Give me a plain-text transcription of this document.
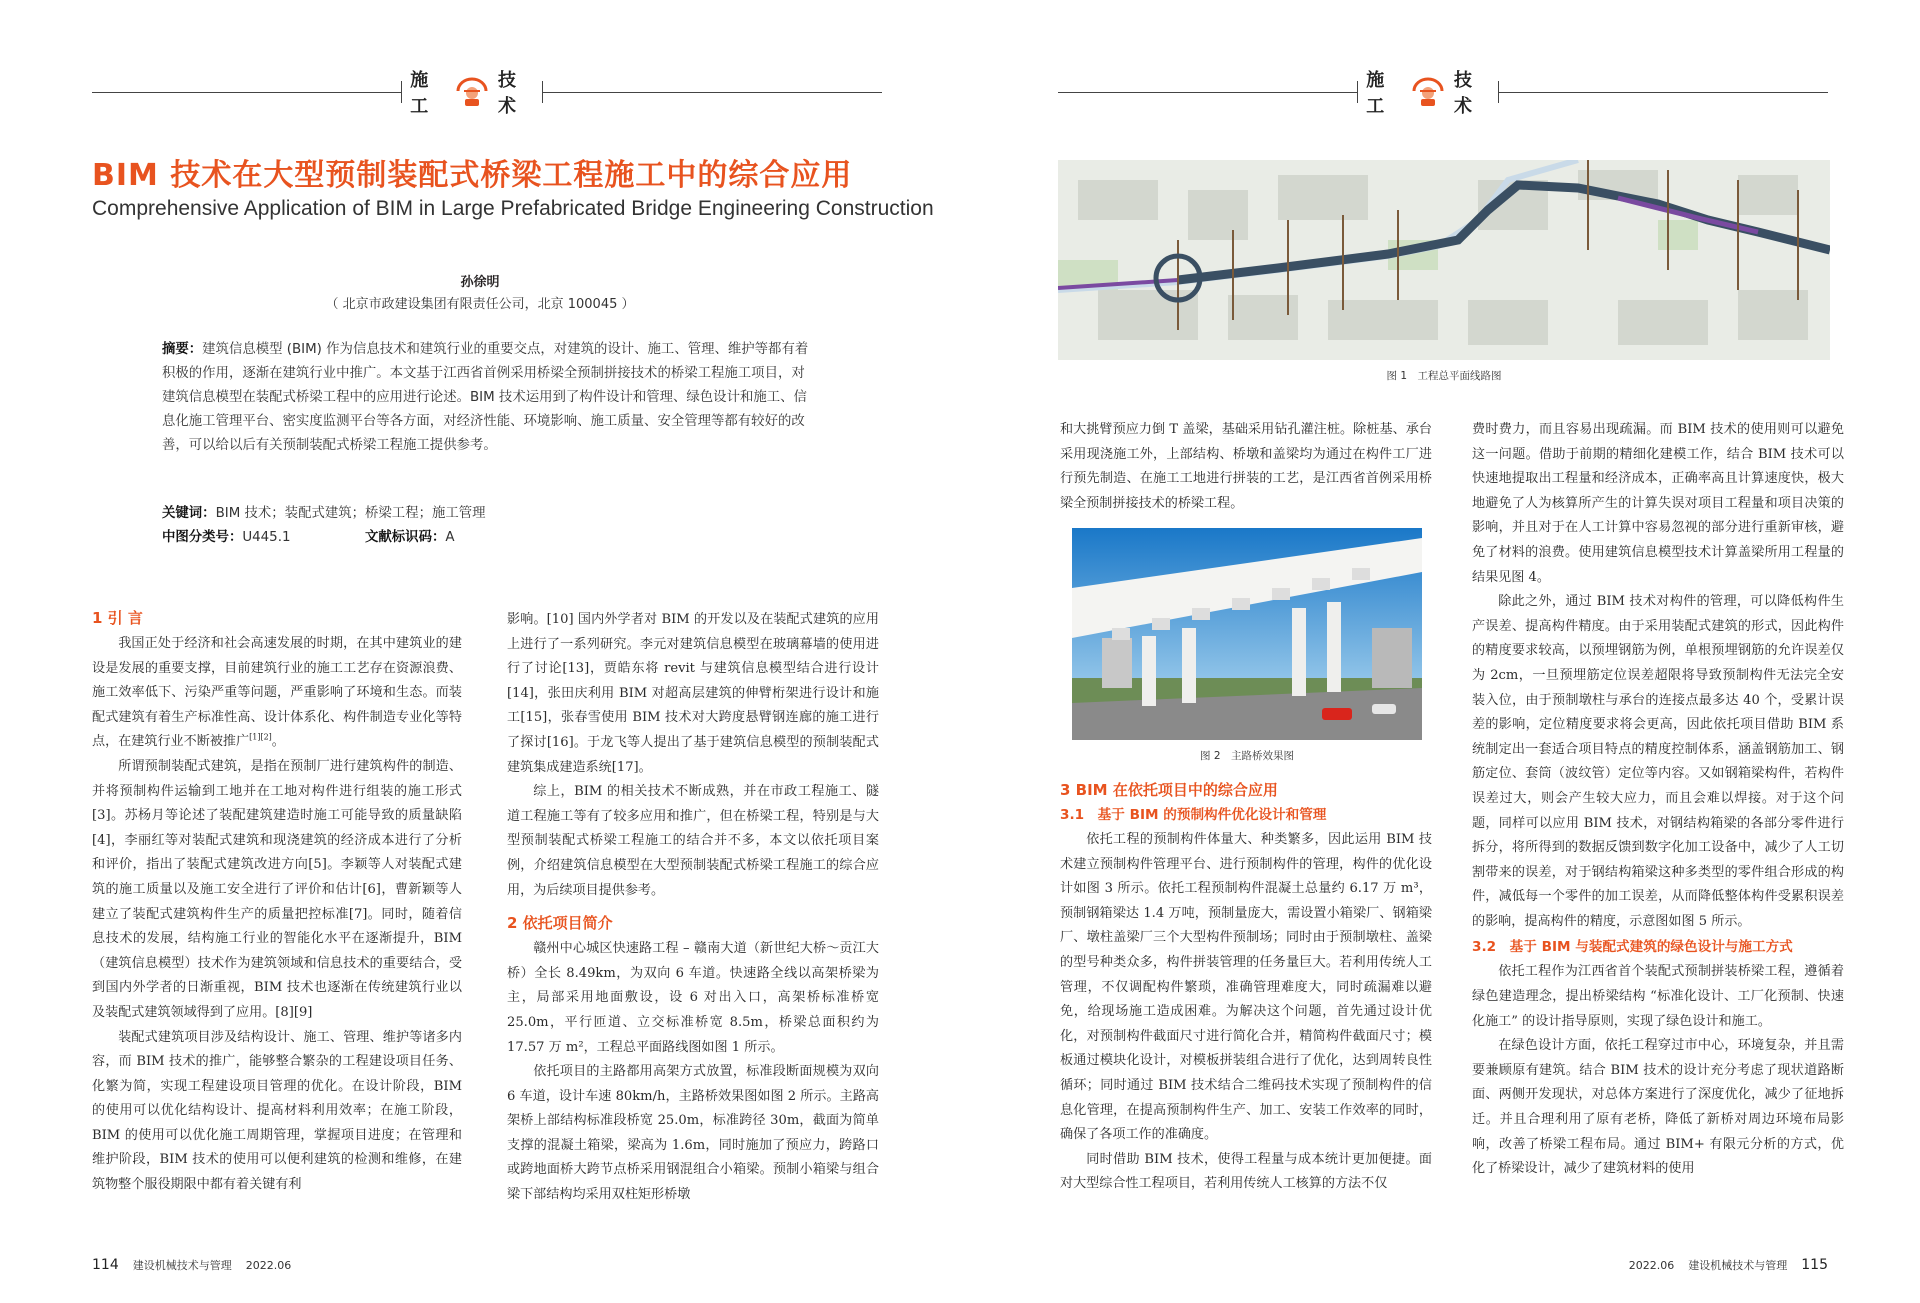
施工
技术
BIM 技术在大型预制装配式桥梁工程施工中的综合应用
Comprehensive Application of BIM in Large Prefabricated Bridge Engineering Construction
孙徐明
（ 北京市政建设集团有限责任公司，北京 100045 ）
摘要：建筑信息模型 (BIM) 作为信息技术和建筑行业的重要交点，对建筑的设计、施工、管理、维护等都有着积极的作用，逐渐在建筑行业中推广。本文基于江西省首例采用桥梁全预制拼接技术的桥梁工程施工项目，对建筑信息模型在装配式桥梁工程中的应用进行论述。BIM 技术运用到了构件设计和管理、绿色设计和施工、信息化施工管理平台、密实度监测平台等各方面，对经济性能、环境影响、施工质量、安全管理等都有较好的改善，可以给以后有关预制装配式桥梁工程施工提供参考。
关键词：BIM 技术；装配式建筑；桥梁工程；施工管理
中图分类号：U445.1	文献标识码：A

1 引 言

我国正处于经济和社会高速发展的时期，在其中建筑业的建设是发展的重要支撑，目前建筑行业的施工工艺存在资源浪费、施工效率低下、污染严重等问题，严重影响了环境和生态。而装配式建筑有着生产标准性高、设计体系化、构件制造专业化等特点，在建筑行业不断被推广[1][2]。

所谓预制装配式建筑，是指在预制厂进行建筑构件的制造、并将预制构件运输到工地并在工地对构件进行组装的施工形式[3]。苏杨月等论述了装配建筑建造时施工可能导致的质量缺陷[4]，李丽红等对装配式建筑和现浇建筑的经济成本进行了分析和评价，指出了装配式建筑改进方向[5]。李颖等人对装配式建筑的施工质量以及施工安全进行了评价和估计[6]，曹新颖等人建立了装配式建筑构件生产的质量把控标准[7]。同时，随着信息技术的发展，结构施工行业的智能化水平在逐渐提升，BIM（建筑信息模型）技术作为建筑领域和信息技术的重要结合，受到国内外学者的日渐重视，BIM 技术也逐渐在传统建筑行业以及装配式建筑领域得到了应用。[8][9]

装配式建筑项目涉及结构设计、施工、管理、维护等诸多内容，而 BIM 技术的推广，能够整合繁杂的工程建设项目任务、化繁为简，实现工程建设项目管理的优化。在设计阶段，BIM 的使用可以优化结构设计、提高材料利用效率；在施工阶段，BIM 的使用可以优化施工周期管理，掌握项目进度；在管理和维护阶段，BIM 技术的使用可以便利建筑的检测和维修，在建筑物整个服役期限中都有着关键有利

影响。[10] 国内外学者对 BIM 的开发以及在装配式建筑的应用上进行了一系列研究。李元对建筑信息模型在玻璃幕墙的使用进行了讨论[13]，贾皓东将 revit 与建筑信息模型结合进行设计[14]，张田庆利用 BIM 对超高层建筑的伸臂桁架进行设计和施工[15]，张春雪使用 BIM 技术对大跨度悬臂钢连廊的施工进行了探讨[16]。于龙飞等人提出了基于建筑信息模型的预制装配式建筑集成建造系统[17]。

综上，BIM 的相关技术不断成熟，并在市政工程施工、隧道工程施工等有了较多应用和推广，但在桥梁工程，特别是与大型预制装配式桥梁工程施工的结合并不多，本文以依托项目案例，介绍建筑信息模型在大型预制装配式桥梁工程施工的综合应用，为后续项目提供参考。

2 依托项目简介

赣州中心城区快速路工程 – 赣南大道（新世纪大桥～贡江大桥）全长 8.49km，为双向 6 车道。快速路全线以高架桥梁为主，局部采用地面敷设，设 6 对出入口，高架桥标准桥宽 25.0m，平行匝道、立交标准桥宽 8.5m，桥梁总面积约为 17.57 万 m²，工程总平面路线图如图 1 所示。

依托项目的主路都用高架方式放置，标准段断面规模为双向 6 车道，设计车速 80km/h，主路桥效果图如图 2 所示。主路高架桥上部结构标准段桥宽 25.0m，标准跨径 30m，截面为简单支撑的混凝土箱梁，梁高为 1.6m，同时施加了预应力，跨路口或跨地面桥大跨节点桥采用钢混组合小箱梁。预制小箱梁与组合梁下部结构均采用双柱矩形桥墩

114 建设机械技术与管理 2022.06
施工
技术
图 1　工程总平面线路图

和大挑臂预应力倒 T 盖梁，基础采用钻孔灌注桩。除桩基、承台采用现浇施工外，上部结构、桥墩和盖梁均为通过在构件工厂进行预先制造、在施工工地进行拼装的工艺，是江西省首例采用桥梁全预制拼接技术的桥梁工程。

图 2　主路桥效果图

3 BIM 在依托项目中的综合应用

3.1　基于 BIM 的预制构件优化设计和管理

依托工程的预制构件体量大、种类繁多，因此运用 BIM 技术建立预制构件管理平台、进行预制构件的管理，构件的优化设计如图 3 所示。依托工程预制构件混凝土总量约 6.17 万 m³，预制钢箱梁达 1.4 万吨，预制量庞大，需设置小箱梁厂、钢箱梁厂、墩柱盖梁厂三个大型构件预制场；同时由于预制墩柱、盖梁的型号种类众多，构件拼装管理的任务量巨大。若利用传统人工管理，不仅调配构件繁琐，准确管理难度大，同时疏漏难以避免，给现场施工造成困难。为解决这个问题，首先通过设计优化，对预制构件截面尺寸进行简化合并，精简构件截面尺寸；模板通过模块化设计，对模板拼装组合进行了优化，达到周转良性循环；同时通过 BIM 技术结合二维码技术实现了预制构件的信息化管理，在提高预制构件生产、加工、安装工作效率的同时，确保了各项工作的准确度。

同时借助 BIM 技术，使得工程量与成本统计更加便捷。面对大型综合性工程项目，若利用传统人工核算的方法不仅

费时费力，而且容易出现疏漏。而 BIM 技术的使用则可以避免这一问题。借助于前期的精细化建模工作，结合 BIM 技术可以快速地提取出工程量和经济成本，正确率高且计算速度快，极大地避免了人为核算所产生的计算失误对项目工程量和项目决策的影响，并且对于在人工计算中容易忽视的部分进行重新审核，避免了材料的浪费。使用建筑信息模型技术计算盖梁所用工程量的结果见图 4。

除此之外，通过 BIM 技术对构件的管理，可以降低构件生产误差、提高构件精度。由于采用装配式建筑的形式，因此构件的精度要求较高，以预埋钢筋为例，单根预埋钢筋的允许误差仅为 2cm，一旦预埋筋定位误差超限将导致预制构件无法完全安装入位，由于预制墩柱与承台的连接点最多达 40 个，受累计误差的影响，定位精度要求将会更高，因此依托项目借助 BIM 系统制定出一套适合项目特点的精度控制体系，涵盖钢筋加工、钢筋定位、套筒（波纹管）定位等内容。又如钢箱梁构件，若构件误差过大，则会产生较大应力，而且会难以焊接。对于这个问题，同样可以应用 BIM 技术，对钢结构箱梁的各部分零件进行拆分，将所得到的数据反馈到数字化加工设备中，减少了人工切割带来的误差，对于钢结构箱梁这种多类型的零件组合形成的构件，减低每一个零件的加工误差，从而降低整体构件受累积误差的影响，提高构件的精度，示意图如图 5 所示。

3.2　基于 BIM 与装配式建筑的绿色设计与施工方式

依托工程作为江西省首个装配式预制拼装桥梁工程，遵循着绿色建造理念，提出桥梁结构 “标准化设计、工厂化预制、快速化施工” 的设计指导原则，实现了绿色设计和施工。

在绿色设计方面，依托工程穿过市中心，环境复杂，并且需要兼顾原有建筑。结合 BIM 技术的设计充分考虑了现状道路断面、两侧开发现状，对总体方案进行了深度优化，减少了征地拆迁。并且合理利用了原有老桥，降低了新桥对周边环境布局影响，改善了桥梁工程布局。通过 BIM+ 有限元分析的方式，优化了桥梁设计，减少了建筑材料的使用

2022.06 建设机械技术与管理 115
